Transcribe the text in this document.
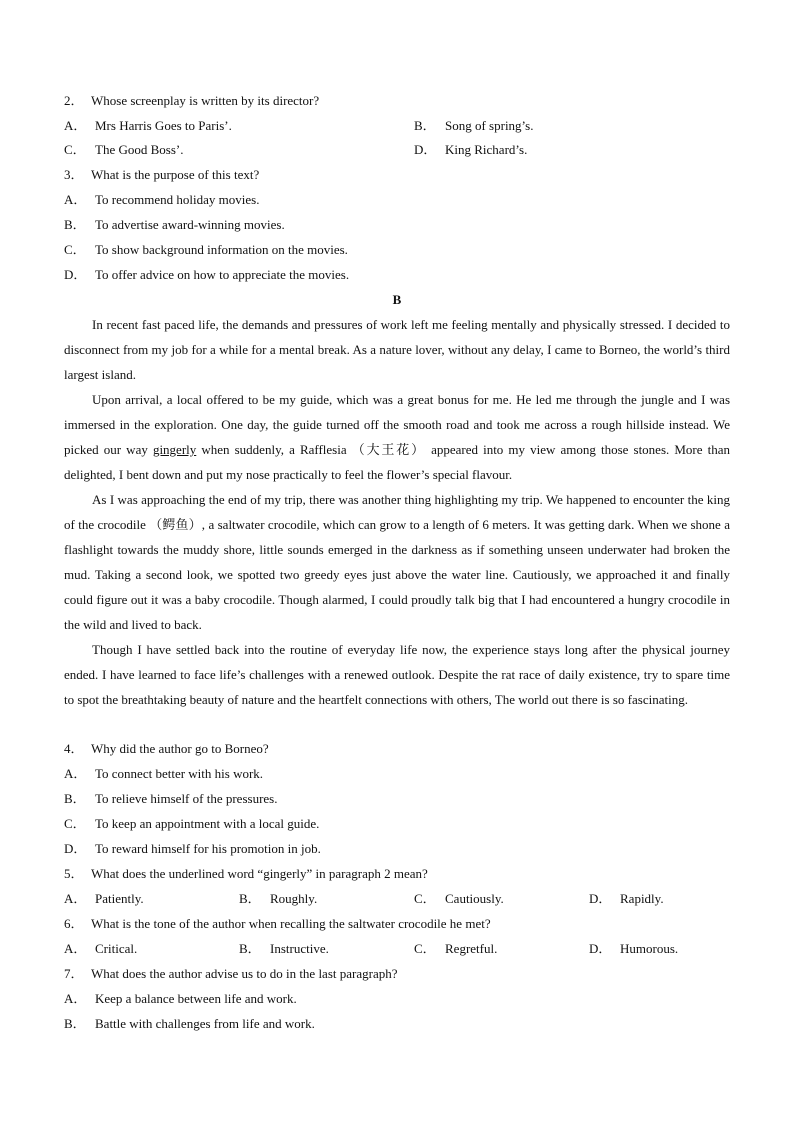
2． Whose screenplay is written by its director?
A． Mrs Harris Goes to Paris’.	B． Song of spring’s.
C． The Good Boss’.	D． King Richard’s.
3． What is the purpose of this text?
A． To recommend holiday movies.
B． To advertise award-winning movies.
C． To show background information on the movies.
D． To offer advice on how to appreciate the movies.
B
In recent fast paced life, the demands and pressures of work left me feeling mentally and physically stressed. I decided to disconnect from my job for a while for a mental break. As a nature lover, without any delay, I came to Borneo, the world’s third largest island.
Upon arrival, a local offered to be my guide, which was a great bonus for me. He led me through the jungle and I was immersed in the exploration. One day, the guide turned off the smooth road and took me across a rough hillside instead. We picked our way gingerly when suddenly, a Rafflesia （大王花） appeared into my view among those stones. More than delighted, I bent down and put my nose practically to feel the flower’s special flavour.
As I was approaching the end of my trip, there was another thing highlighting my trip. We happened to encounter the king of the crocodile （鳄鱼）, a saltwater crocodile, which can grow to a length of 6 meters. It was getting dark. When we shone a flashlight towards the muddy shore, little sounds emerged in the darkness as if something unseen underwater had broken the mud. Taking a second look, we spotted two greedy eyes just above the water line. Cautiously, we approached it and finally could figure out it was a baby crocodile. Though alarmed, I could proudly talk big that I had encountered a hungry crocodile in the wild and lived to back.
Though I have settled back into the routine of everyday life now, the experience stays long after the physical journey ended. I have learned to face life’s challenges with a renewed outlook. Despite the rat race of daily existence, try to spare time to spot the breathtaking beauty of nature and the heartfelt connections with others, The world out there is so fascinating.
4． Why did the author go to Borneo?
A． To connect better with his work.
B． To relieve himself of the pressures.
C． To keep an appointment with a local guide.
D． To reward himself for his promotion in job.
5． What does the underlined word “gingerly” in paragraph 2 mean?
A． Patiently.	B． Roughly.	C． Cautiously.	D． Rapidly.
6． What is the tone of the author when recalling the saltwater crocodile he met?
A． Critical.	B． Instructive.	C． Regretful.	D． Humorous.
7． What does the author advise us to do in the last paragraph?
A． Keep a balance between life and work.
B． Battle with challenges from life and work.
